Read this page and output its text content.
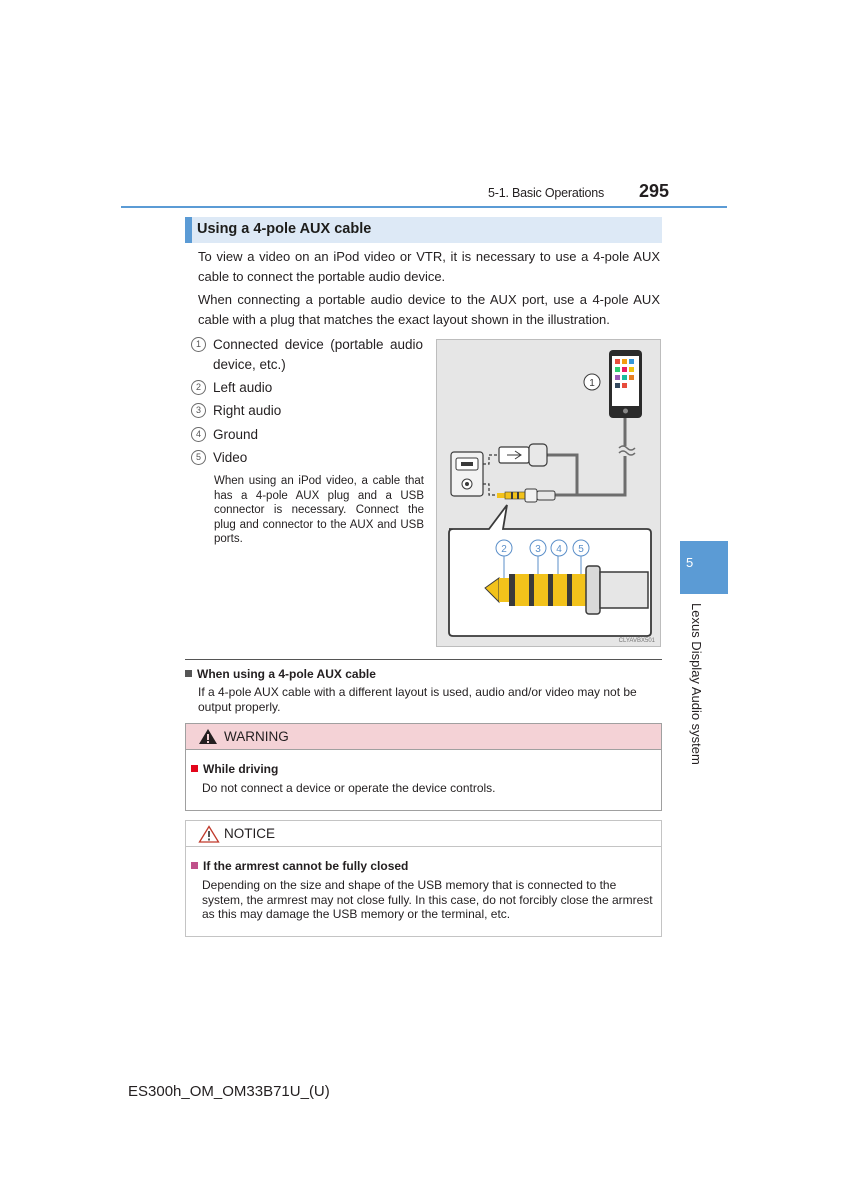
5-1. Basic Operations 295
Using a 4-pole AUX cable
To view a video on an iPod video or VTR, it is necessary to use a 4-pole AUX cable to connect the portable audio device.
When connecting a portable audio device to the AUX port, use a 4-pole AUX cable with a plug that matches the exact layout shown in the illustration.
1 Connected device (portable audio device, etc.)
2 Left audio
3 Right audio
4 Ground
5 Video
When using an iPod video, a cable that has a 4-pole AUX plug and a USB connector is necessary. Connect the plug and connector to the AUX and USB ports.
1
2	3 4 5
CLYAVBX501
When using a 4-pole AUX cable
If a 4-pole AUX cable with a different layout is used, audio and/or video may not be output properly.
WARNING
While driving
Do not connect a device or operate the device controls.
NOTICE
If the armrest cannot be fully closed
Depending on the size and shape of the USB memory that is connected to the system, the armrest may not close fully. In this case, do not forcibly close the armrest as this may damage the USB memory or the terminal, etc.
5
Lexus Display Audio system
ES300h_OM_OM33B71U_(U)
